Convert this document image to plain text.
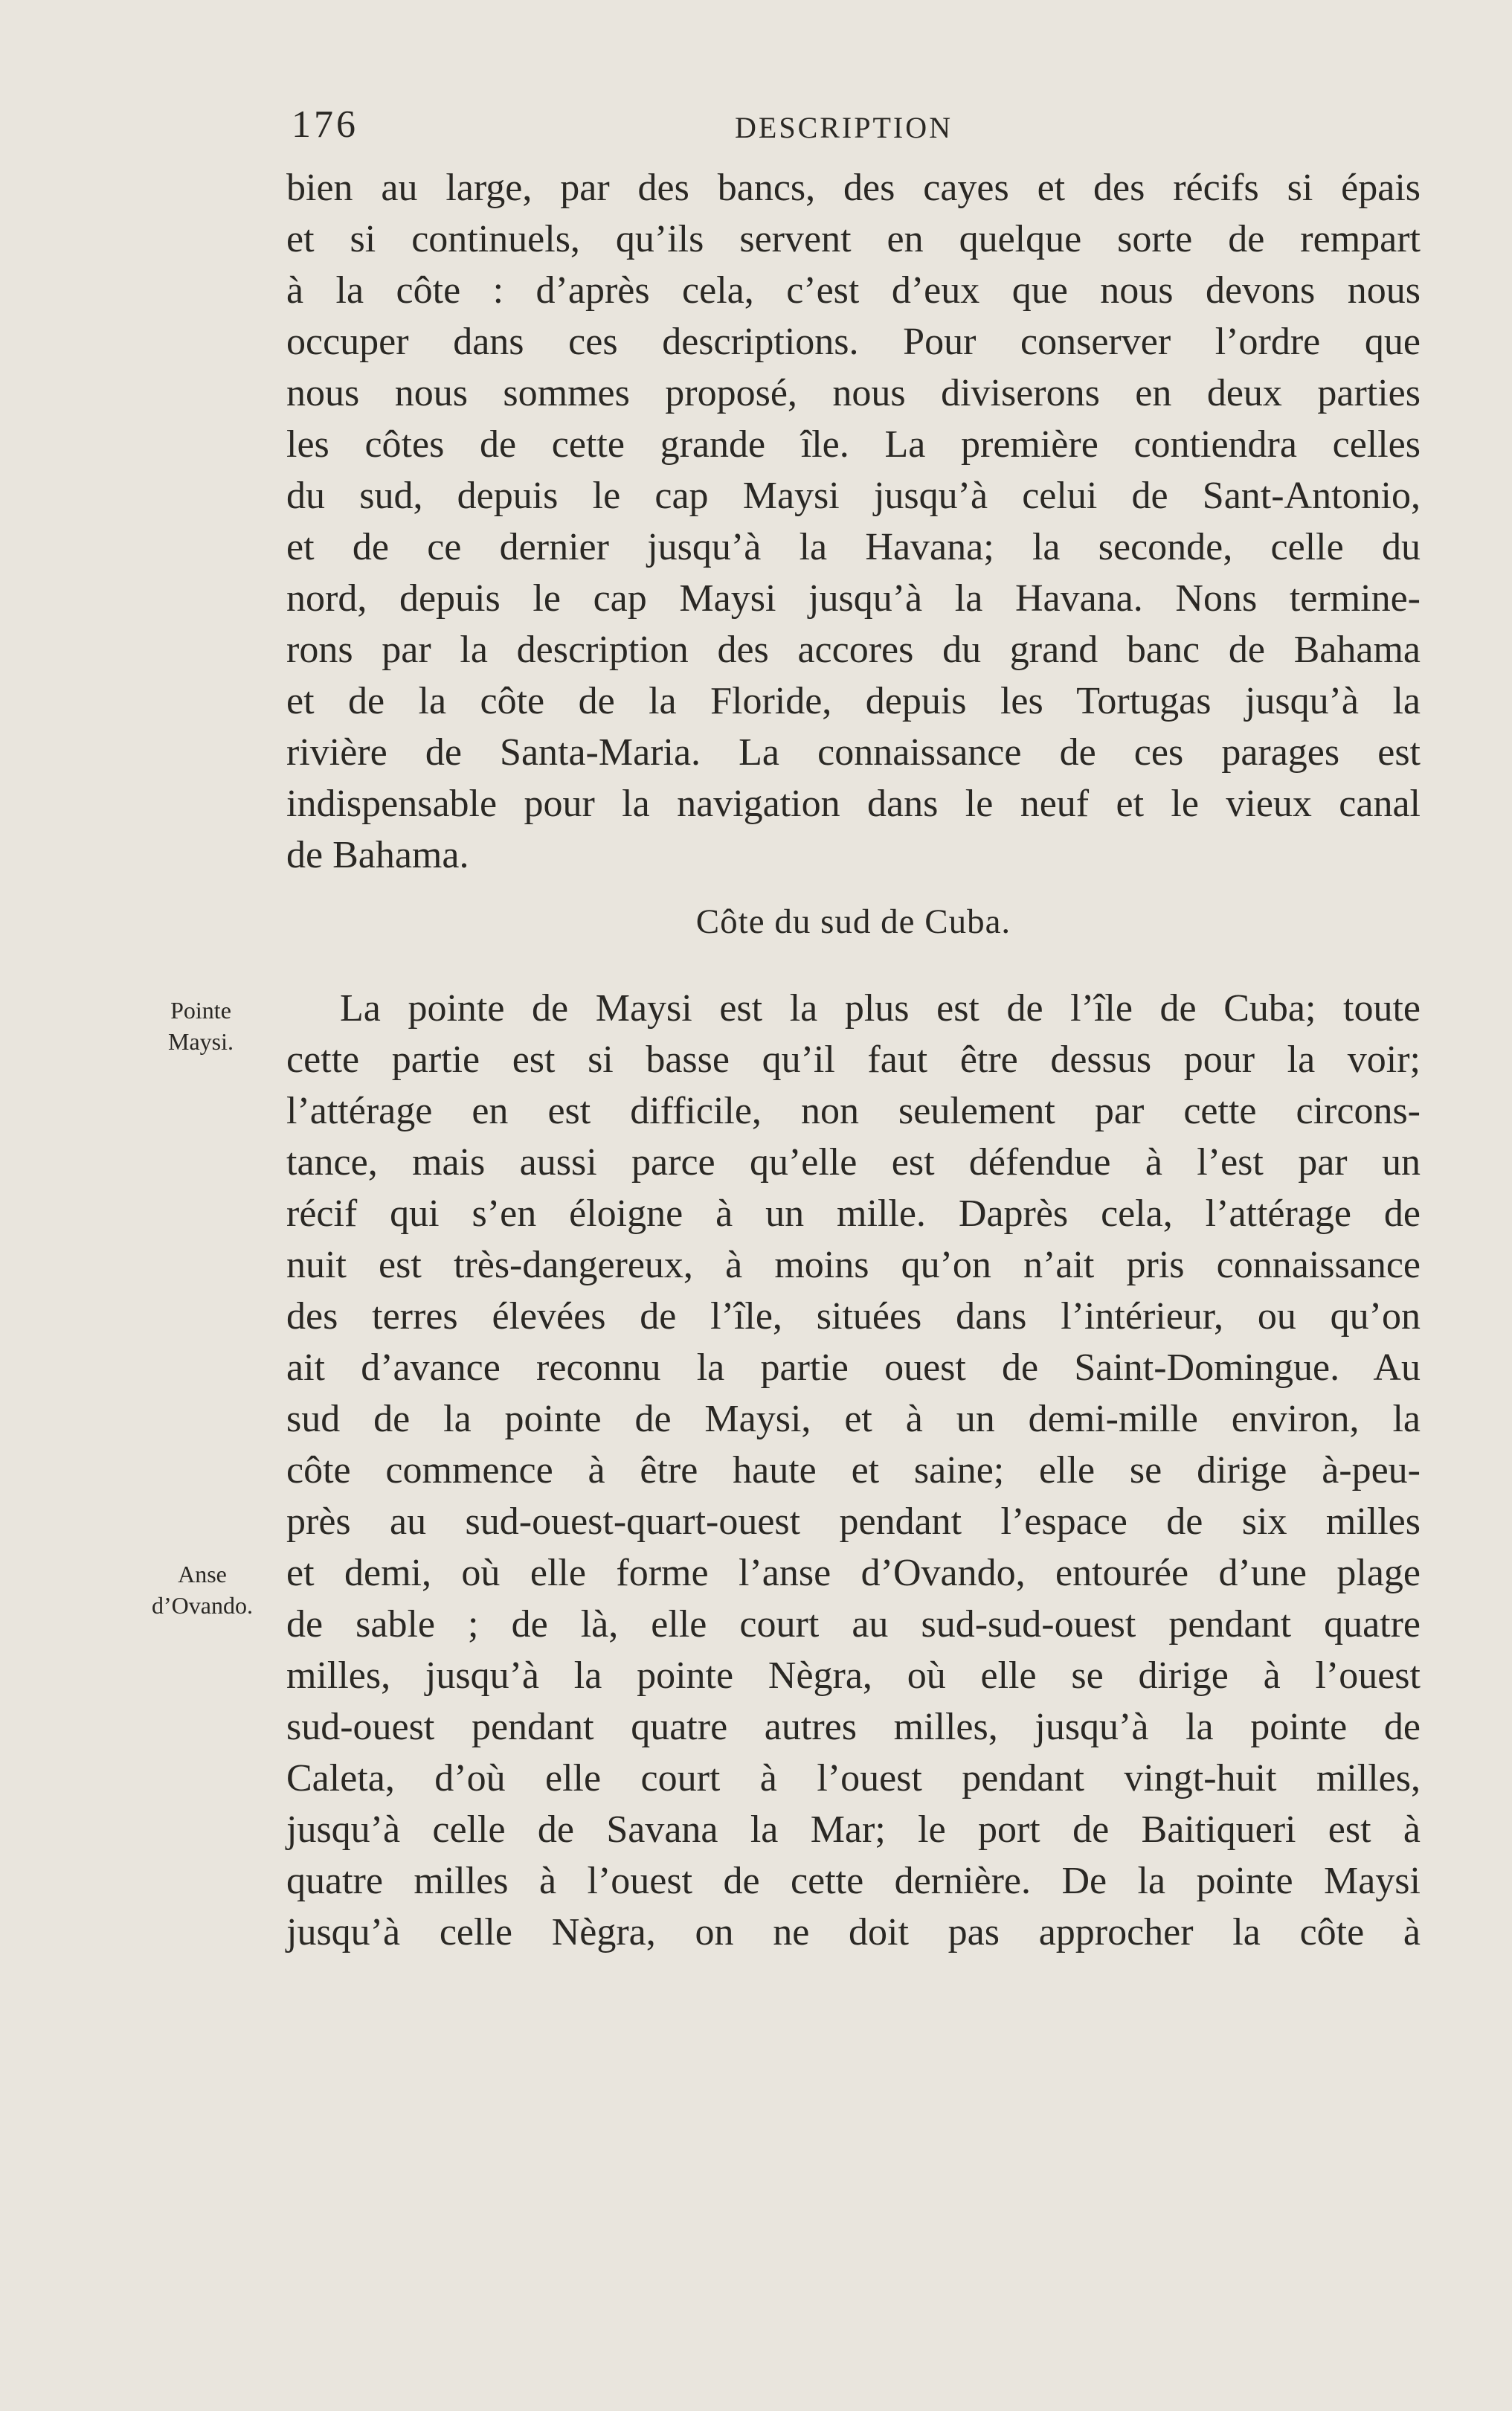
176	DESCRIPTION
bien au large, par des bancs, des cayes et des récifs si épais
et si continuels, qu’ils servent en quelque sorte de rempart
à la côte : d’après cela, c’est d’eux que nous devons nous
occuper dans ces descriptions. Pour conserver l’ordre que
nous nous sommes proposé, nous diviserons en deux parties
les côtes de cette grande île. La première contiendra celles
du sud, depuis le cap Maysi jusqu’à celui de Sant-Antonio,
et de ce dernier jusqu’à la Havana; la seconde, celle du
nord, depuis le cap Maysi jusqu’à la Havana. Nons termine-
rons par la description des accores du grand banc de Bahama
et de la côte de la Floride, depuis les Tortugas jusqu’à la
rivière de Santa-Maria. La connaissance de ces parages est
indispensable pour la navigation dans le neuf et le vieux canal
de Bahama.
Côte du sud de Cuba.
Pointe
Maysi.
Anse
d’Ovando.
La pointe de Maysi est la plus est de l’île de Cuba; toute
cette partie est si basse qu’il faut être dessus pour la voir;
l’attérage en est difficile, non seulement par cette circons-
tance, mais aussi parce qu’elle est défendue à l’est par un
récif qui s’en éloigne à un mille. Daprès cela, l’attérage de
nuit est très-dangereux, à moins qu’on n’ait pris connaissance
des terres élevées de l’île, situées dans l’intérieur, ou qu’on
ait d’avance reconnu la partie ouest de Saint-Domingue. Au
sud de la pointe de Maysi, et à un demi-mille environ, la
côte commence à être haute et saine; elle se dirige à-peu-
près au sud-ouest-quart-ouest pendant l’espace de six milles
et demi, où elle forme l’anse d’Ovando, entourée d’une plage
de sable ; de là, elle court au sud-sud-ouest pendant quatre
milles, jusqu’à la pointe Nègra, où elle se dirige à l’ouest
sud-ouest pendant quatre autres milles, jusqu’à la pointe de
Caleta, d’où elle court à l’ouest pendant vingt-huit milles,
jusqu’à celle de Savana la Mar; le port de Baitiqueri est à
quatre milles à l’ouest de cette dernière. De la pointe Maysi
jusqu’à celle Nègra, on ne doit pas approcher la côte à
